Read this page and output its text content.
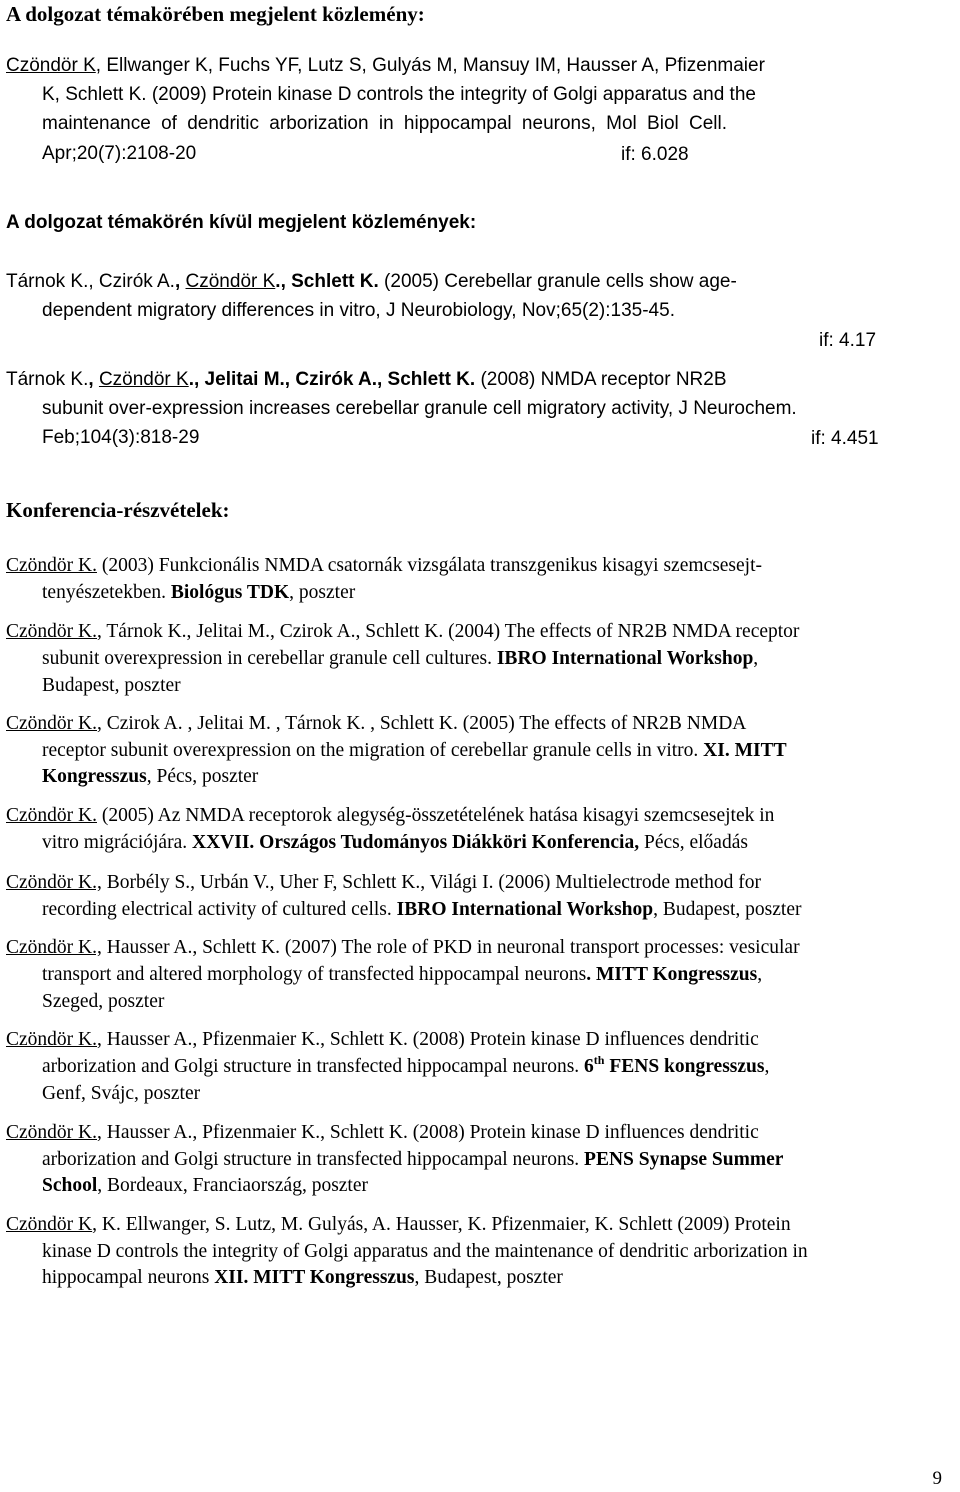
A dolgozat témakörében megjelent közlemény:
Czöndör K, Ellwanger K, Fuchs YF, Lutz S, Gulyás M, Mansuy IM, Hausser A, Pfizenmaier
K, Schlett K. (2009) Protein kinase D controls the integrity of Golgi apparatus and the
maintenance of dendritic arborization in hippocampal neurons, Mol Biol Cell.
Apr;20(7):2108-20	if: 6.028
A dolgozat témakörén kívül megjelent közlemények:
Tárnok K., Czirók A., Czöndör K., Schlett K. (2005) Cerebellar granule cells show age-
dependent migratory differences in vitro, J Neurobiology, Nov;65(2):135-45.
if: 4.17
Tárnok K., Czöndör K., Jelitai M., Czirók A., Schlett K. (2008) NMDA receptor NR2B
subunit over-expression increases cerebellar granule cell migratory activity, J Neurochem.
Feb;104(3):818-29	if: 4.451
Konferencia-részvételek:
Czöndör K. (2003) Funkcionális NMDA csatornák vizsgálata transzgenikus kisagyi szemcsesejt-
tenyészetekben. Biológus TDK, poszter
Czöndör K., Tárnok K., Jelitai M., Czirok A., Schlett K. (2004) The effects of NR2B NMDA receptor
subunit overexpression in cerebellar granule cell cultures. IBRO International Workshop,
Budapest, poszter
Czöndör K., Czirok A. , Jelitai M. , Tárnok K. , Schlett K. (2005) The effects of NR2B NMDA
receptor subunit overexpression on the migration of cerebellar granule cells in vitro. XI. MITT
Kongresszus, Pécs, poszter
Czöndör K. (2005) Az NMDA receptorok alegység-összetételének hatása kisagyi szemcsesejtek in
vitro migrációjára. XXVII. Országos Tudományos Diákköri Konferencia, Pécs, előadás
Czöndör K., Borbély S., Urbán V., Uher F, Schlett K., Világi I. (2006) Multielectrode method for
recording electrical activity of cultured cells. IBRO International Workshop, Budapest, poszter
Czöndör K., Hausser A., Schlett K. (2007) The role of PKD in neuronal transport processes: vesicular
transport and altered morphology of transfected hippocampal neurons. MITT Kongresszus,
Szeged, poszter
Czöndör K., Hausser A., Pfizenmaier K., Schlett K. (2008) Protein kinase D influences dendritic
arborization and Golgi structure in transfected hippocampal neurons. 6th FENS kongresszus,
Genf, Svájc, poszter
Czöndör K., Hausser A., Pfizenmaier K., Schlett K. (2008) Protein kinase D influences dendritic
arborization and Golgi structure in transfected hippocampal neurons. PENS Synapse Summer
School, Bordeaux, Franciaország, poszter
Czöndör K, K. Ellwanger, S. Lutz, M. Gulyás, A. Hausser, K. Pfizenmaier, K. Schlett (2009) Protein
kinase D controls the integrity of Golgi apparatus and the maintenance of dendritic arborization in
hippocampal neurons XII. MITT Kongresszus, Budapest, poszter
9
